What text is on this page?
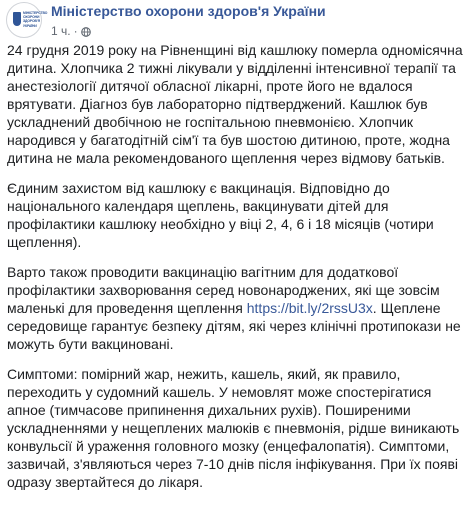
МІНІСТЕРСТВО ОХОРОНИ ЗДОРОВ'Я УКРАЇНИ
Міністерство охорони здоров'я України
1 ч. ·

24 грудня 2019 року на Рівненщині від кашлюку померла одномісячна дитина. Хлопчика 2 тижні лікували у відділенні інтенсивної терапії та анестезіології дитячої обласної лікарні, проте його не вдалося врятувати. Діагноз був лабораторно підтверджений. Кашлюк був ускладнений двобічною не госпітальною пневмонією. Хлопчик народився у багатодітній сім'ї та був шостою дитиною, проте, жодна дитина не мала рекомендованого щеплення через відмову батьків.

Єдиним захистом від кашлюку є вакцинація. Відповідно до національного календаря щеплень, вакцинувати дітей для профілактики кашлюку необхідно у віці 2, 4, 6 і 18 місяців (чотири щеплення).

Варто також проводити вакцинацію вагітним для додаткової профілактики захворювання серед новонароджених, які ще зовсім маленькі для проведення щеплення https://bit.ly/2rssU3x. Щеплене середовище гарантує безпеку дітям, які через клінічні протипокази не можуть бути вакциновані.

Симптоми: помірний жар, нежить, кашель, який, як правило, переходить у судомний кашель. У немовлят може спостерігатися апное (тимчасове припинення дихальних рухів). Поширеними ускладненнями у нещеплених малюків є пневмонія, рідше виникають конвульсії й ураження головного мозку (енцефалопатія). Симптоми, зазвичай, з'являються через 7-10 днів після інфікування. При їх появі одразу звертайтеся до лікаря.
